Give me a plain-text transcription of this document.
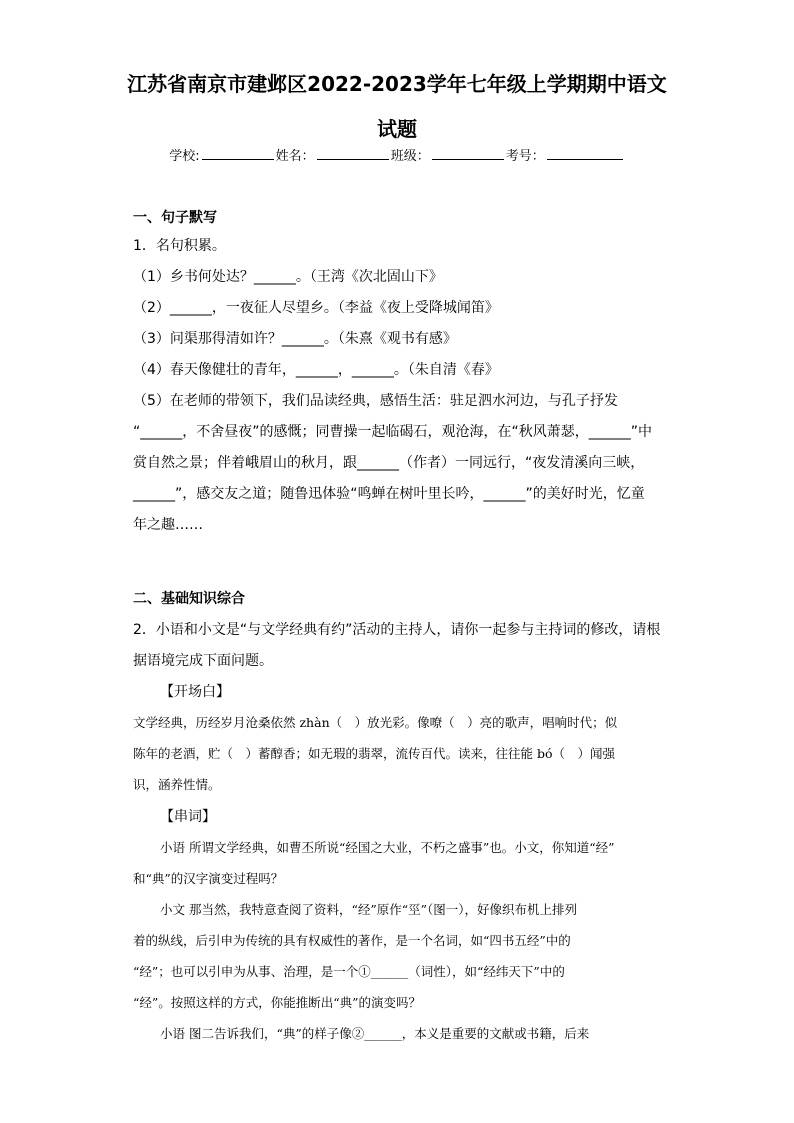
江苏省南京市建邺区2022-2023学年七年级上学期期中语文
试题
学校:	姓名：	班级：	考号：
一、句子默写
1．名句积累。
（1）乡书何处达？______。（王湾《次北固山下》
（2）______，一夜征人尽望乡。（李益《夜上受降城闻笛》
（3）问渠那得清如许？______。（朱熹《观书有感》
（4）春天像健壮的青年，______，______。（朱自清《春》
（5）在老师的带领下，我们品读经典，感悟生活：驻足泗水河边，与孔子抒发
“______，不舍昼夜”的感慨；同曹操一起临碣石，观沧海，在“秋风萧瑟，______”中
赏自然之景；伴着峨眉山的秋月，跟______（作者）一同远行，“夜发清溪向三峡，
______”，感交友之道；随鲁迅体验“鸣蝉在树叶里长吟，______”的美好时光，忆童
年之趣……
二、基础知识综合
2．小语和小文是“与文学经典有约”活动的主持人，请你一起参与主持词的修改，请根
据语境完成下面问题。
【开场白】
文学经典，历经岁月沧桑依然 zhàn（　）放光彩。像嘹（　）亮的歌声，唱响时代；似
陈年的老酒，贮（　）蓄醇香；如无瑕的翡翠，流传百代。读来，往往能 bó（　）闻强
识，涵养性情。
【串词】
小语 所谓文学经典，如曹丕所说“经国之大业，不朽之盛事”也。小文，你知道“经”
和“典”的汉字演变过程吗？
小文 那当然，我特意查阅了资料，“经”原作“巠”（图一），好像织布机上排列
着的纵线，后引申为传统的具有权威性的著作，是一个名词，如“四书五经”中的
“经”；也可以引申为从事、治理，是一个①______（词性），如“经纬天下”中的
“经”。按照这样的方式，你能推断出“典”的演变吗？
小语 图二告诉我们，“典”的样子像②______，本义是重要的文献或书籍，后来
